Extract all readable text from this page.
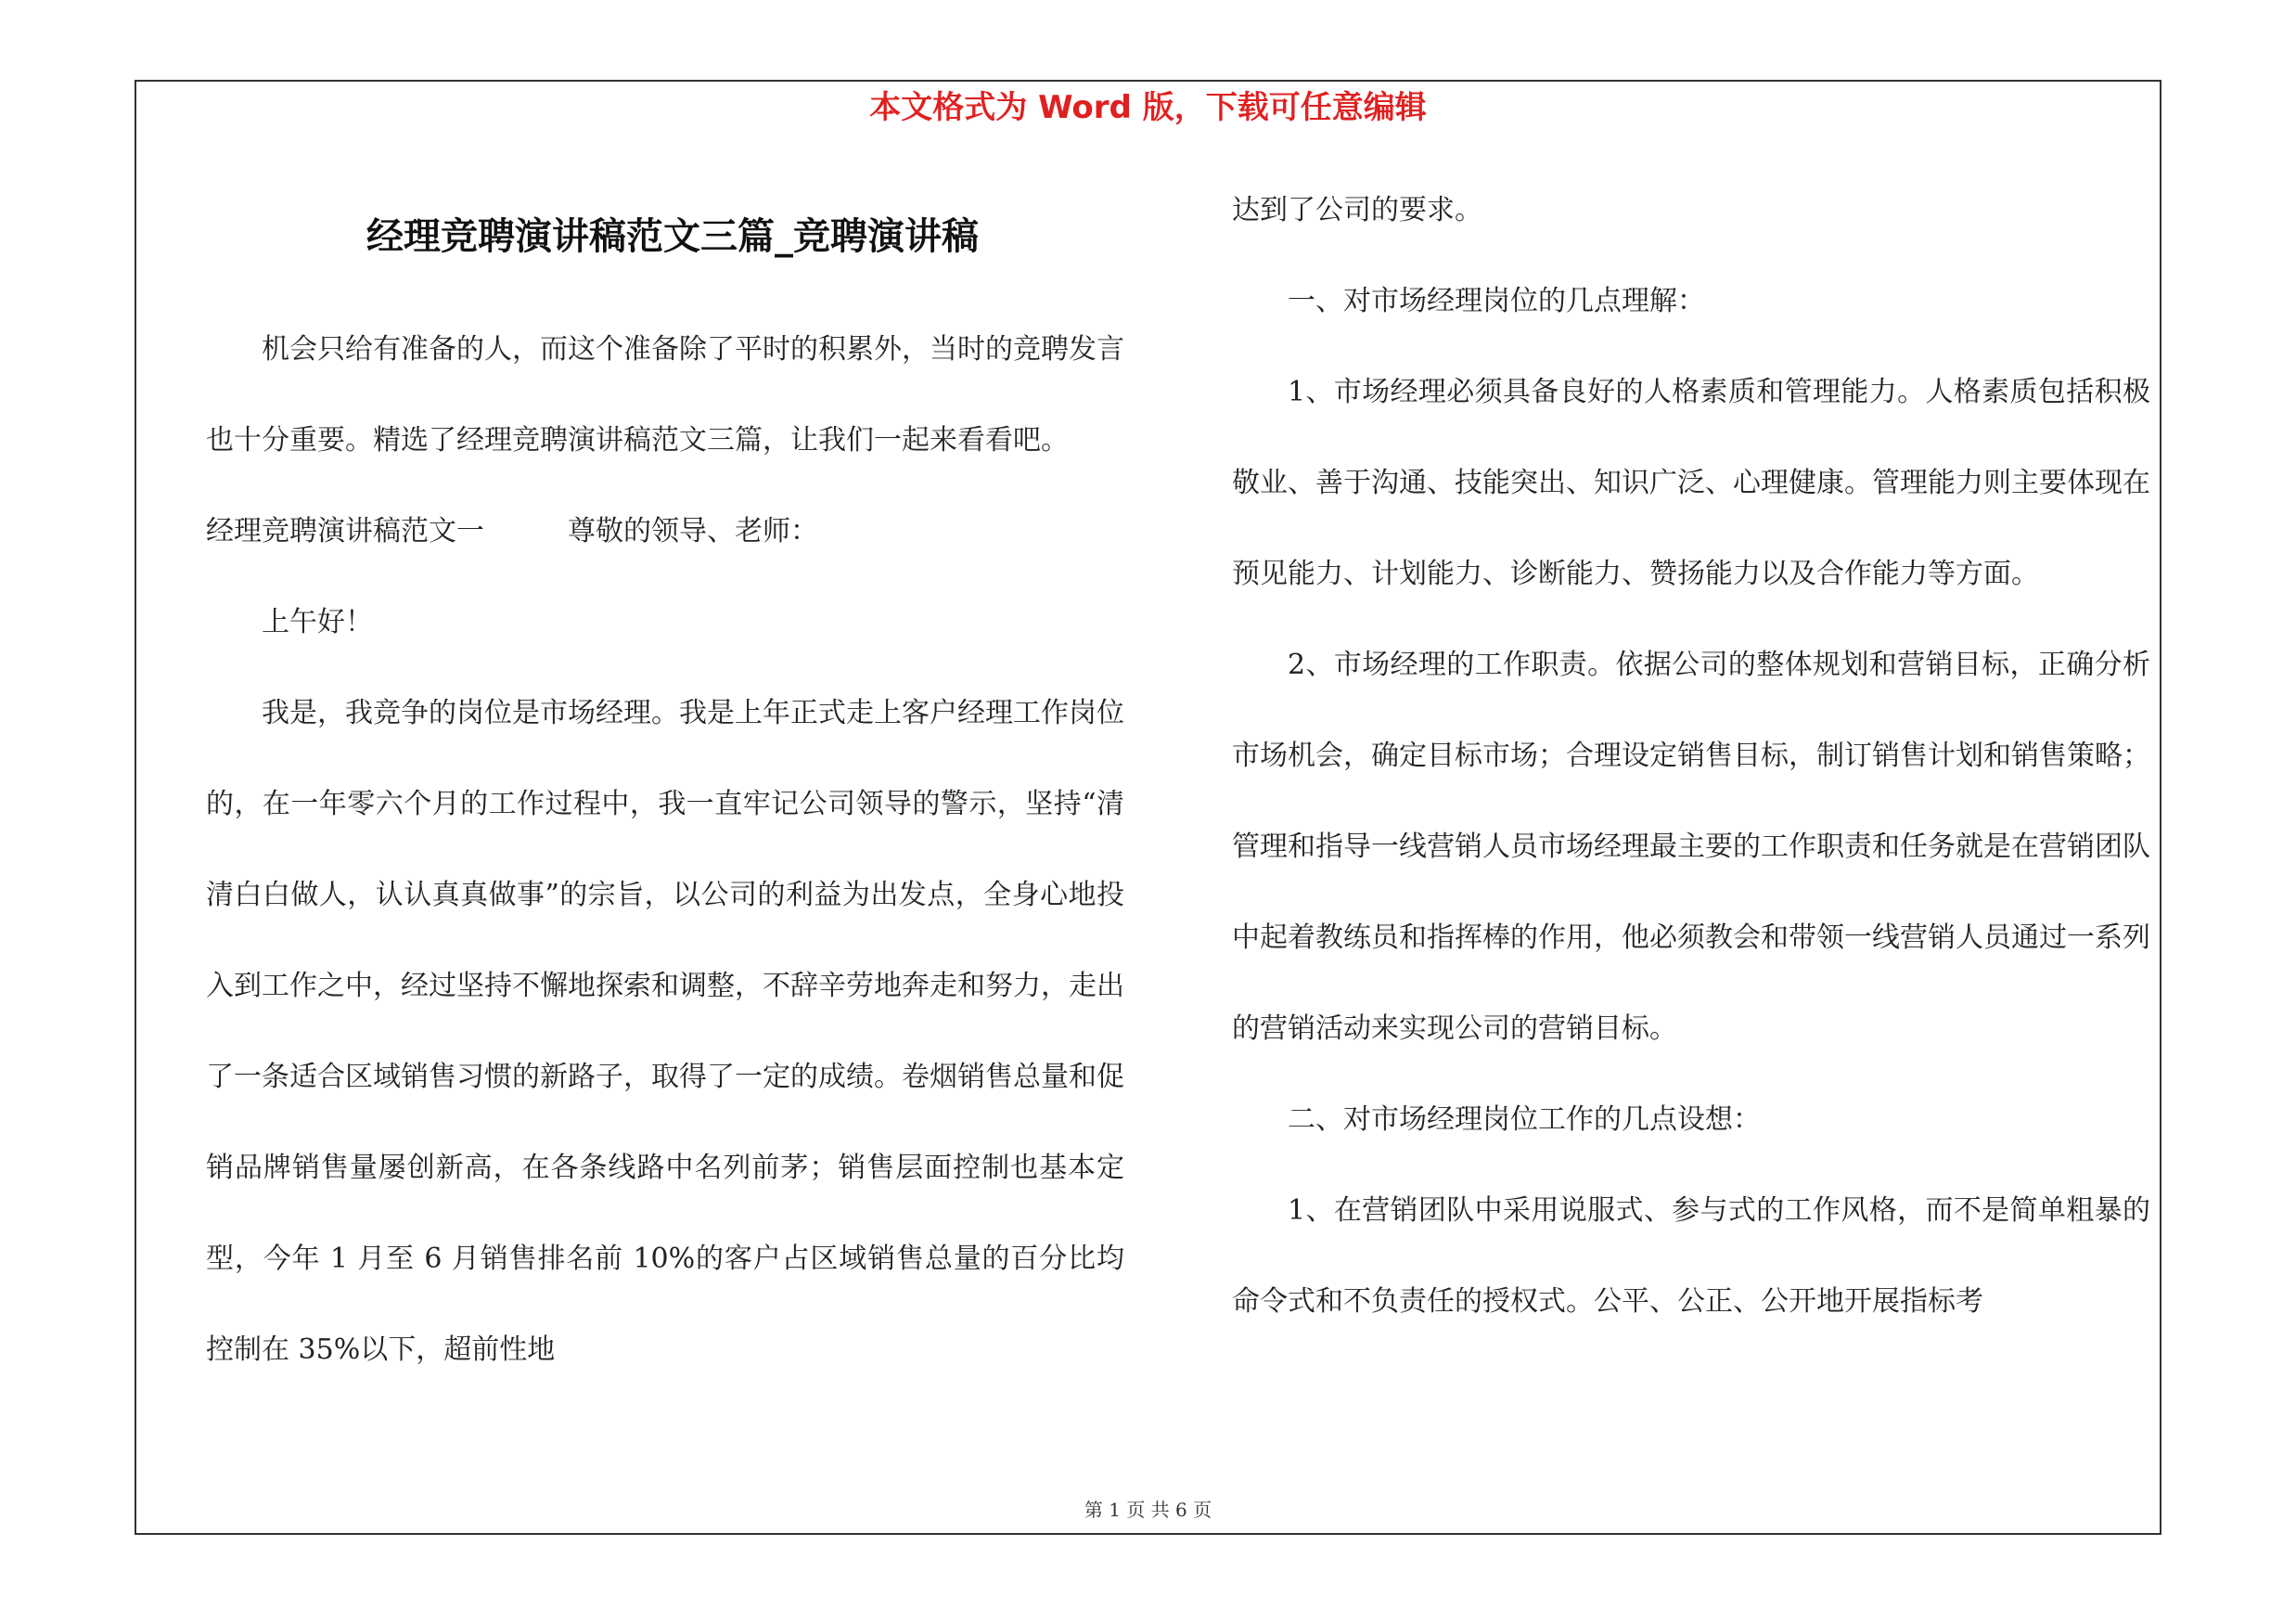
本文格式为 Word 版，下载可任意编辑
经理竞聘演讲稿范文三篇_竞聘演讲稿

机会只给有准备的人，而这个准备除了平时的积累外，当时的竞聘发言也十分重要。精选了经理竞聘演讲稿范文三篇，让我们一起来看看吧。

经理竞聘演讲稿范文一　　　尊敬的领导、老师：

上午好！

我是，我竞争的岗位是市场经理。我是上年正式走上客户经理工作岗位的，在一年零六个月的工作过程中，我一直牢记公司领导的警示，坚持“清清白白做人，认认真真做事”的宗旨，以公司的利益为出发点，全身心地投入到工作之中，经过坚持不懈地探索和调整，不辞辛劳地奔走和努力，走出了一条适合区域销售习惯的新路子，取得了一定的成绩。卷烟销售总量和促销品牌销售量屡创新高，在各条线路中名列前茅；销售层面控制也基本定型，今年 1 月至 6 月销售排名前 10%的客户占区域销售总量的百分比均控制在 35%以下，超前性地

达到了公司的要求。

一、对市场经理岗位的几点理解：

1、市场经理必须具备良好的人格素质和管理能力。人格素质包括积极敬业、善于沟通、技能突出、知识广泛、心理健康。管理能力则主要体现在预见能力、计划能力、诊断能力、赞扬能力以及合作能力等方面。

2、市场经理的工作职责。依据公司的整体规划和营销目标，正确分析市场机会，确定目标市场；合理设定销售目标，制订销售计划和销售策略；管理和指导一线营销人员市场经理最主要的工作职责和任务就是在营销团队中起着教练员和指挥棒的作用，他必须教会和带领一线营销人员通过一系列的营销活动来实现公司的营销目标。

二、对市场经理岗位工作的几点设想：

1、在营销团队中采用说服式、参与式的工作风格，而不是简单粗暴的命令式和不负责任的授权式。公平、公正、公开地开展指标考

第 1 页 共 6 页
